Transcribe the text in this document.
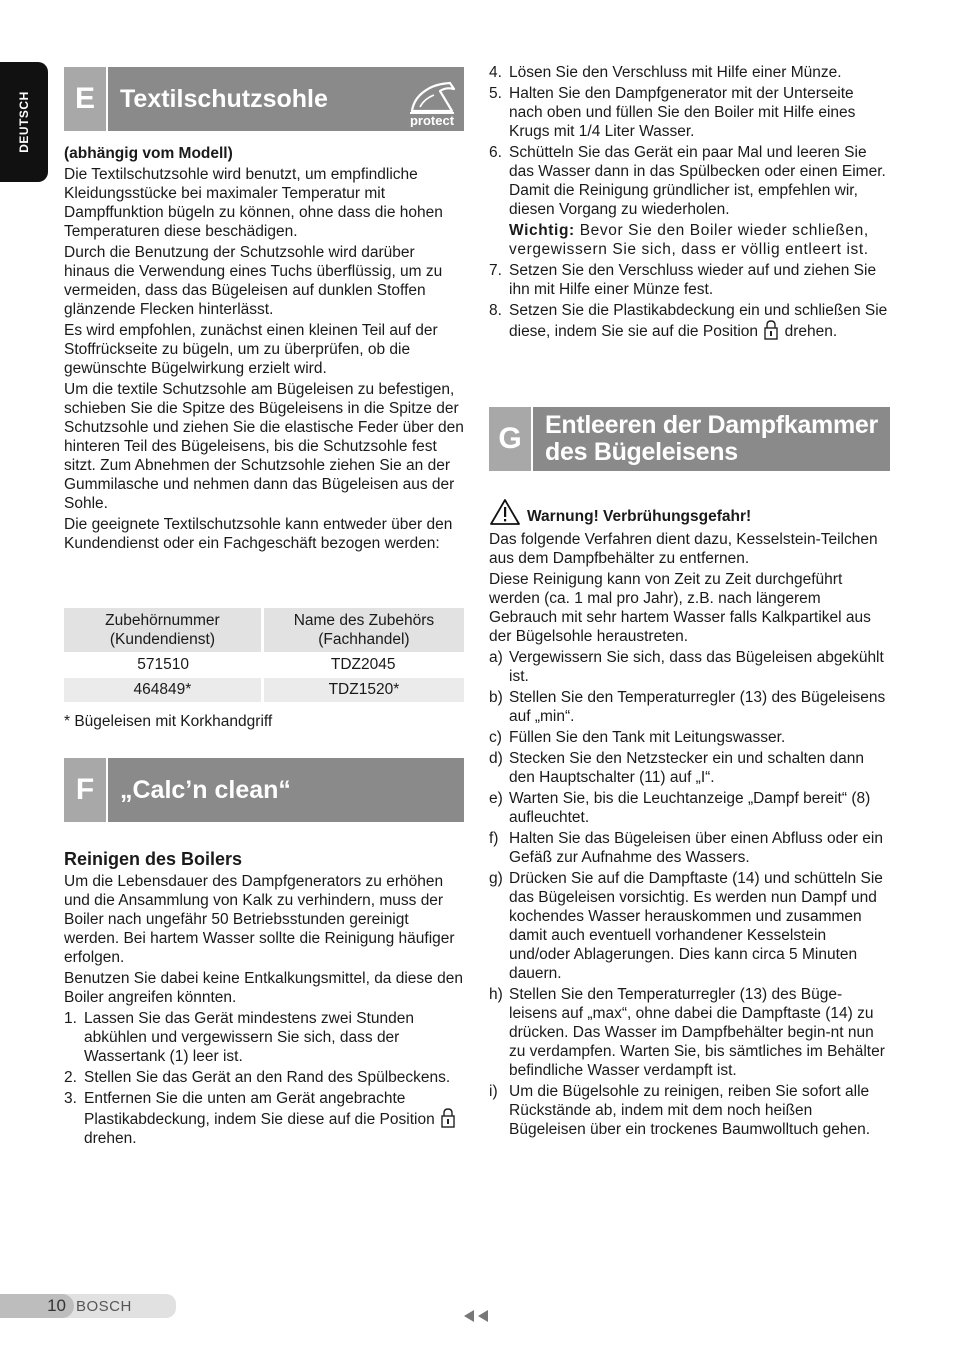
DEUTSCH	E	Textilschutzsohle
protect

(abhängig vom Modell)

Die Textilschutzsohle wird benutzt, um empfindliche Kleidungsstücke bei maximaler Temperatur mit Dampffunktion bügeln zu können, ohne dass die hohen Temperaturen diese beschädigen.

Durch die Benutzung der Schutzsohle wird darüber hinaus die Verwendung eines Tuchs überflüssig, um zu vermeiden, dass das Bügeleisen auf dunklen Stoffen glänzende Flecken hinterlässt.

Es wird empfohlen, zunächst einen kleinen Teil auf der Stoffrückseite zu bügeln, um zu überprüfen, ob die gewünschte Bügelwirkung erzielt wird.

Um die textile Schutzsohle am Bügeleisen zu befestigen, schieben Sie die Spitze des Bügeleisens in die Spitze der Schutzsohle und ziehen Sie die elastische Feder über den hinteren Teil des Bügeleisens, bis die Schutzsohle fest sitzt. Zum Abnehmen der Schutzsohle ziehen Sie an der Gummilasche und nehmen dann das Bügeleisen aus der Sohle.

Die geeignete Textilschutzsohle kann entweder über den Kundendienst oder ein Fachgeschäft bezogen werden:

Zubehörnummer (Kundendienst)	Name des Zubehörs (Fachhandel)
571510	TDZ2045
464849*	TDZ1520*

* Bügeleisen mit Korkhandgriff

F	„Calc’n clean“

Reinigen des Boilers

Um die Lebensdauer des Dampfgenerators zu erhöhen und die Ansammlung von Kalk zu verhindern, muss der Boiler nach ungefähr 50 Betriebsstunden gereinigt werden. Bei hartem Wasser sollte die Reinigung häufiger erfolgen.

Benutzen Sie dabei keine Entkalkungsmittel, da diese den Boiler angreifen könnten.

1. Lassen Sie das Gerät mindestens zwei Stunden abkühlen und vergewissern Sie sich, dass der Wassertank (1) leer ist.
2. Stellen Sie das Gerät an den Rand des Spülbeckens.
3. Entfernen Sie die unten am Gerät angebrachte Plastikabdeckung, indem Sie diese auf die Position  drehen.
4. Lösen Sie den Verschluss mit Hilfe einer Münze.
5. Halten Sie den Dampfgenerator mit der Unterseite nach oben und füllen Sie den Boiler mit Hilfe eines Krugs mit 1/4 Liter Wasser.
6. Schütteln Sie das Gerät ein paar Mal und leeren Sie das Wasser dann in das Spülbecken oder einen Eimer. Damit die Reinigung gründlicher ist, empfehlen wir, diesen Vorgang zu wiederholen.
Wichtig: Bevor Sie den Boiler wieder schließen, vergewissern Sie sich, dass er völlig entleert ist.
7. Setzen Sie den Verschluss wieder auf und ziehen Sie ihn mit Hilfe einer Münze fest.
8. Setzen Sie die Plastikabdeckung ein und schließen Sie diese, indem Sie sie auf die Position drehen.
G Entleeren der Dampfkammer des Bügeleisens

Warnung! Verbrühungsgefahr!

Das folgende Verfahren dient dazu, Kesselstein-Teilchen aus dem Dampfbehälter zu entfernen.

Diese Reinigung kann von Zeit zu Zeit durchgeführt werden (ca. 1 mal pro Jahr), z.B. nach längerem Gebrauch mit sehr hartem Wasser falls Kalkpartikel aus der Bügelsohle heraustreten.

a) Vergewissern Sie sich, dass das Bügeleisen abgekühlt ist.
b) Stellen Sie den Temperaturregler (13) des Bügeleisens auf „min“.
c) Füllen Sie den Tank mit Leitungswasser.
d) Stecken Sie den Netzstecker ein und schalten dann den Hauptschalter (11) auf „I“.
e) Warten Sie, bis die Leuchtanzeige „Dampf bereit“ (8) aufleuchtet.
f) Halten Sie das Bügeleisen über einen Abfluss oder ein Gefäß zur Aufnahme des Wassers.
g) Drücken Sie auf die Dampftaste (14) und schütteln Sie das Bügeleisen vorsichtig. Es werden nun Dampf und kochendes Wasser herauskommen und zusammen damit auch eventuell vorhandener Kesselstein und/oder Ablagerungen. Dies kann circa 5 Minuten dauern.
h) Stellen Sie den Temperaturregler (13) des Büge-leisens auf „max“, ohne dabei die Dampftaste (14) zu drücken. Das Wasser im Dampfbehälter begin-nt nun zu verdampfen. Warten Sie, bis sämtliches im Behälter befindliche Wasser verdampft ist.
i) Um die Bügelsohle zu reinigen, reiben Sie sofort alle Rückstände ab, indem mit dem noch heißen Bügeleisen über ein trockenes Baumwolltuch gehen.
10 BOSCH
